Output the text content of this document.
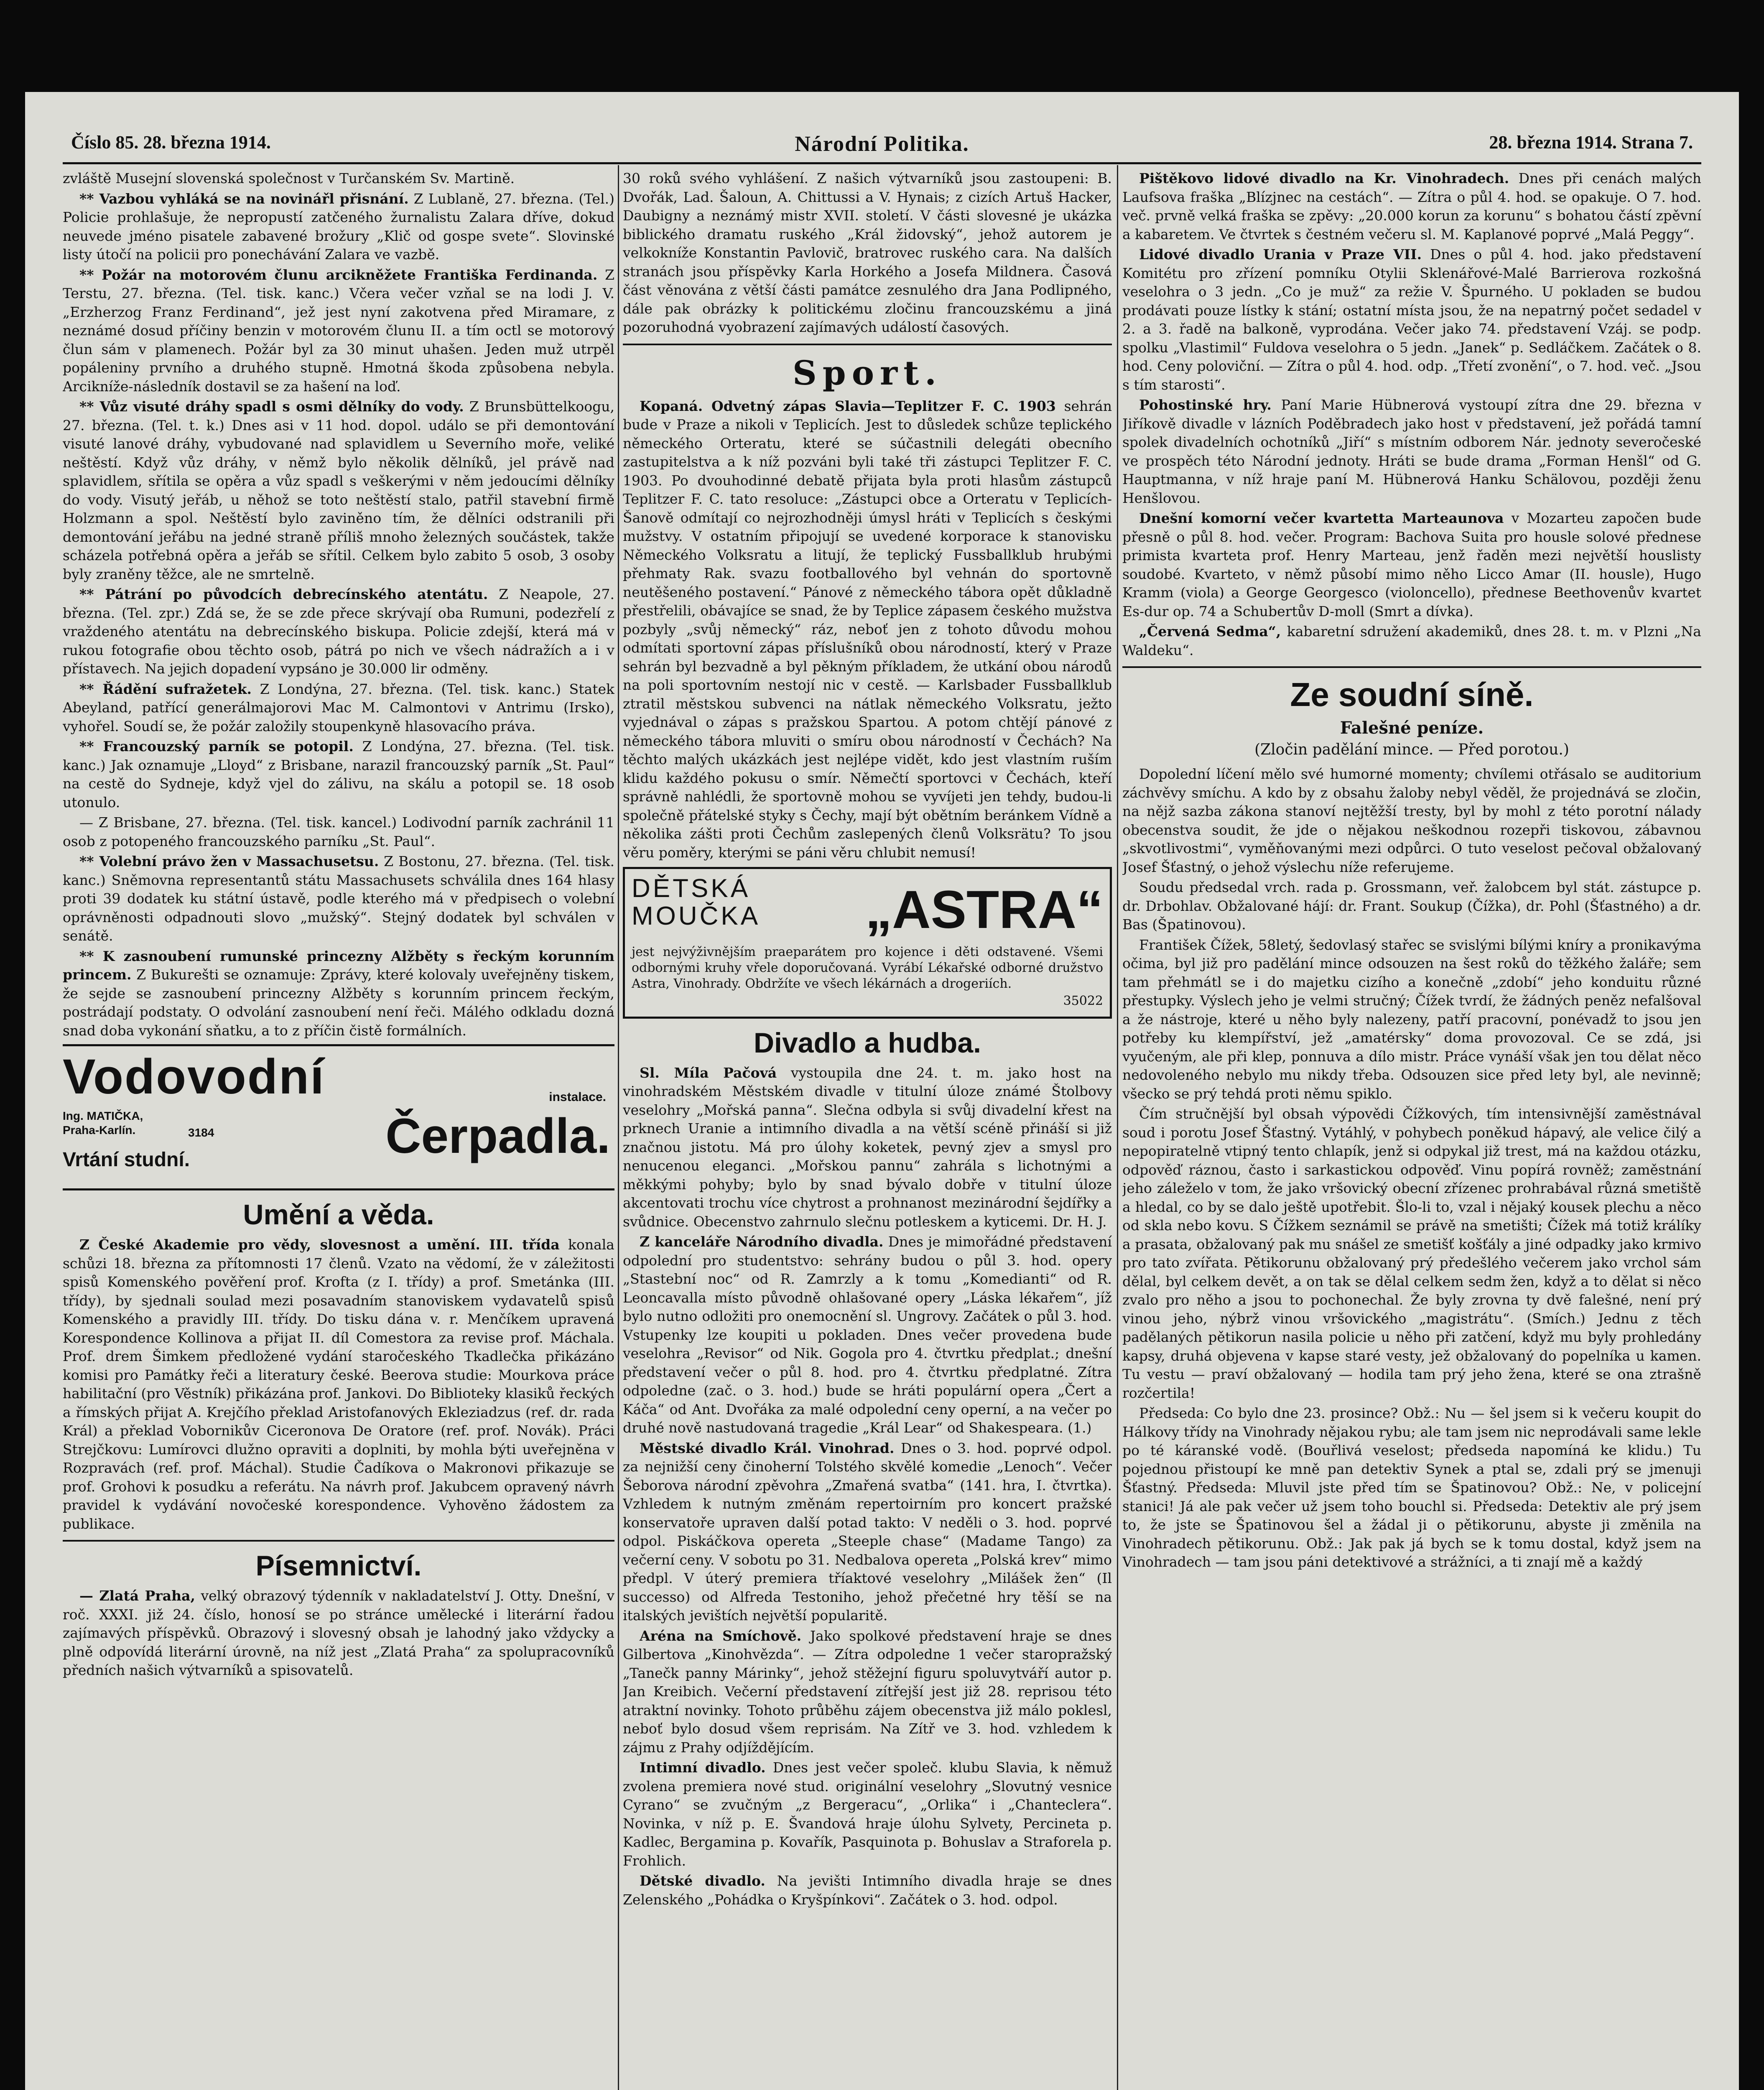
Číslo 85. 28. března 1914.	Národní Politika.	28. března 1914. Strana 7.

zvláště Musejní slovenská společnost v Turčanském Sv. Martině.

** Vazbou vyhláká se na novinářl přisnání. Z Lublaně, 27. března. (Tel.) Policie prohlašuje, že nepropustí zatčeného žurnalistu Zalara dříve, dokud neuvede jméno pisatele zabavené brožury „Klič od gospe svete“. Slovinské listy útočí na policii pro ponechávání Zalara ve vazbě.

** Požár na motorovém člunu arcikněžete Františka Ferdinanda. Z Terstu, 27. března. (Tel. tisk. kanc.) Včera večer vzňal se na lodi J. V. „Erzherzog Franz Ferdinand“, jež jest nyní zakotvena před Miramare, z neznámé dosud příčiny benzin v motorovém člunu II. a tím octl se motorový člun sám v plamenech. Požár byl za 30 minut uhašen. Jeden muž utrpěl popáleniny prvního a druhého stupně. Hmotná škoda způsobena nebyla. Arcikníže-následník dostavil se za hašení na loď.

** Vůz visuté dráhy spadl s osmi dělníky do vody. Z Brunsbüttelkoogu, 27. března. (Tel. t. k.) Dnes asi v 11 hod. dopol. událo se při demontování visuté lanové dráhy, vybudované nad splavidlem u Severního moře, veliké neštěstí. Když vůz dráhy, v němž bylo několik dělníků, jel právě nad splavidlem, sřítila se opěra a vůz spadl s veškerými v něm jedoucími dělníky do vody. Visutý jeřáb, u něhož se toto neštěstí stalo, patřil stavební firmě Holzmann a spol. Neštěstí bylo zaviněno tím, že dělníci odstranili při demontování jeřábu na jedné straně příliš mnoho železných součástek, takže scházela potřebná opěra a jeřáb se sřítil. Celkem bylo zabito 5 osob, 3 osoby byly zraněny těžce, ale ne smrtelně.

** Pátrání po původcích debrecínského atentátu. Z Neapole, 27. března. (Tel. zpr.) Zdá se, že se zde přece skrývají oba Rumuni, podezřelí z vraždeného atentátu na debrecínského biskupa. Policie zdejší, která má v rukou fotografie obou těchto osob, pátrá po nich ve všech nádražích a i v přístavech. Na jejich dopadení vypsáno je 30.000 lir odměny.

** Řádění sufražetek. Z Londýna, 27. března. (Tel. tisk. kanc.) Statek Abeyland, patřící generálmajorovi Mac M. Calmontovi v Antrimu (Irsko), vyhořel. Soudí se, že požár založily stoupenkyně hlasovacího práva.

** Francouzský parník se potopil. Z Londýna, 27. března. (Tel. tisk. kanc.) Jak oznamuje „Lloyd“ z Brisbane, narazil francouzský parník „St. Paul“ na cestě do Sydneje, když vjel do zálivu, na skálu a potopil se. 18 osob utonulo.

— Z Brisbane, 27. března. (Tel. tisk. kancel.) Lodivodní parník zachránil 11 osob z potopeného francouzského parníku „St. Paul“.

** Volební právo žen v Massachusetsu. Z Bostonu, 27. března. (Tel. tisk. kanc.) Sněmovna representantů státu Massachusets schválila dnes 164 hlasy proti 39 dodatek ku státní ústavě, podle kterého má v předpisech o volební oprávněnosti odpadnouti slovo „mužský“. Stejný dodatek byl schválen v senátě.

** K zasnoubení rumunské princezny Alžběty s řeckým korunním princem. Z Bukurešti se oznamuje: Zprávy, které kolovaly uveřejněny tiskem, že sejde se zasnoubení princezny Alžběty s korunním princem řeckým, postrádají podstaty. O odvolání zasnoubení není řeči. Málého odkladu dozná snad doba vykonání sňatku, a to z příčin čistě formálních.

Vodovodní	instalace.
Ing. MATIČKA,
Praha-Karlín.	3184	Čerpadla.
Vrtání studní.
Umění a věda.

Z České Akademie pro vědy, slovesnost a umění. III. třída konala schůzi 18. března za přítomnosti 17 členů. Vzato na vědomí, že v záležitosti spisů Komenského pověření prof. Krofta (z I. třídy) a prof. Smetánka (III. třídy), by sjednali soulad mezi posavadním stanoviskem vydavatelů spisů Komenského a pravidly III. třídy. Do tisku dána v. r. Menčíkem upravená Korespondence Kollinova a přijat II. díl Comestora za revise prof. Máchala. Prof. drem Šimkem předložené vydání staročeského Tkadlečka přikázáno komisi pro Památky řeči a literatury české. Beerova studie: Mourkova práce habilitační (pro Věstník) přikázána prof. Jankovi. Do Biblioteky klasiků řeckých a římských přijat A. Krejčího překlad Aristofanových Ekleziadzus (ref. dr. rada Král) a překlad Vobornikův Ciceronova De Oratore (ref. prof. Novák). Práci Strejčkovu: Lumírovci dlužno opraviti a doplniti, by mohla býti uveřejněna v Rozpravách (ref. prof. Máchal). Studie Čadíkova o Makronovi přikazuje se prof. Grohovi k posudku a referátu. Na návrh prof. Jakubcem opravený návrh pravidel k vydávání novočeské korespondence. Vyhověno žádostem za publikace.

Písemnictví.

— Zlatá Praha, velký obrazový týdenník v nakladatelství J. Otty. Dnešní, v roč. XXXI. již 24. číslo, honosí se po stránce umělecké i literární řadou zajímavých příspěvků. Obrazový i slovesný obsah je lahodný jako vždycky a plně odpovídá literární úrovně, na níž jest „Zlatá Praha“ za spolupracovníků předních našich výtvarníků a spisovatelů.

30 roků svého vyhlášení. Z našich výtvarníků jsou zastoupeni: B. Dvořák, Lad. Šaloun, A. Chittussi a V. Hynais; z cizích Artuš Hacker, Daubigny a neznámý mistr XVII. století. V části slovesné je ukázka biblického dramatu ruského „Král židovský“, jehož autorem je velkokníže Konstantin Pavlovič, bratrovec ruského cara. Na dalších stranách jsou příspěvky Karla Horkého a Josefa Mildnera. Časová část věnována z větší části památce zesnulého dra Jana Podlipného, dále pak obrázky k politickému zločinu francouzskému a jiná pozoruhodná vyobrazení zajímavých událostí časových.

Sport.

Kopaná. Odvetný zápas Slavia—Teplitzer F. C. 1903 sehrán bude v Praze a nikoli v Teplicích. Jest to důsledek schůze teplického německého Orteratu, které se súčastnili delegáti obecního zastupitelstva a k níž pozváni byli také tři zástupci Teplitzer F. C. 1903. Po dvouhodinné debatě přijata byla proti hlasům zástupců Teplitzer F. C. tato resoluce: „Zástupci obce a Orteratu v Teplicích-Šanově odmítají co nejrozhodněji úmysl hráti v Teplicích s českými mužstvy. V ostatním připojují se uvedené korporace k stanovisku Německého Volksratu a litují, že teplický Fussballklub hrubými přehmaty Rak. svazu footballového byl vehnán do sportovně neutěšeného postavení.“ Pánové z německého tábora opět důkladně přestřelili, obávajíce se snad, že by Teplice zápasem českého mužstva pozbyly „svůj německý“ ráz, neboť jen z tohoto důvodu mohou odmítati sportovní zápas příslušníků obou národností, který v Praze sehrán byl bezvadně a byl pěkným příkladem, že utkání obou národů na poli sportovním nestojí nic v cestě. — Karlsbader Fussballklub ztratil městskou subvenci na nátlak německého Volksratu, ježto vyjednával o zápas s pražskou Spartou. A potom chtějí pánové z německého tábora mluviti o smíru obou národností v Čechách? Na těchto malých ukázkách jest nejlépe vidět, kdo jest vlastním ruším klidu každého pokusu o smír. Němečtí sportovci v Čechách, kteří správně nahlédli, že sportovně mohou se vyvíjeti jen tehdy, budou-li společně přátelské styky s Čechy, mají být obětním beránkem Vídně a několika zášti proti Čechům zaslepených členů Volksrätu? To jsou věru poměry, kterými se páni věru chlubit nemusí!

DĚTSKÁ
MOUČKA „ASTRA“
jest nejvýživnějším praeparátem pro kojence i děti odstavené. Všemi odbornými kruhy vřele doporučovaná. Vyrábí Lékařské odborné družstvo Astra, Vinohrady. Obdržíte ve všech lékárnách a drogeriích.
35022
Divadlo a hudba.

Sl. Míla Pačová vystoupila dne 24. t. m. jako host na vinohradském Městském divadle v titulní úloze známé Štolbovy veselohry „Mořská panna“. Slečna odbyla si svůj divadelní křest na prknech Uranie a intimního divadla a na větší scéně přináší si již značnou jistotu. Má pro úlohy koketek, pevný zjev a smysl pro nenucenou eleganci. „Mořskou pannu“ zahrála s lichotnými a měkkými pohyby; bylo by snad bývalo dobře v titulní úloze akcentovati trochu více chytrost a prohnanost mezinárodní šejdířky a svůdnice. Obecenstvo zahrnulo slečnu potleskem a kyticemi. Dr. H. J.

Z kanceláře Národního divadla. Dnes je mimořádné představení odpolední pro studentstvo: sehrány budou o půl 3. hod. opery „Stastební noc“ od R. Zamrzly a k tomu „Komedianti“ od R. Leoncavalla místo původně ohlašované opery „Láska lékařem“, jíž bylo nutno odložiti pro onemocnění sl. Ungrovy. Začátek o půl 3. hod. Vstupenky lze koupiti u pokladen. Dnes večer provedena bude veselohra „Revisor“ od Nik. Gogola pro 4. čtvrtku předplat.; dnešní představení večer o půl 8. hod. pro 4. čtvrtku předplatné. Zítra odpoledne (zač. o 3. hod.) bude se hráti populární opera „Čert a Káča“ od Ant. Dvořáka za malé odpolední ceny operní, a na večer po druhé nově nastudovaná tragedie „Král Lear“ od Shakespeara. (1.)

Městské divadlo Král. Vinohrad. Dnes o 3. hod. poprvé odpol. za nejnižší ceny činoherní Tolstého skvělé komedie „Lenoch“. Večer Šeborova národní zpěvohra „Zmařená svatba“ (141. hra, I. čtvrtka). Vzhledem k nutným změnám repertoirním pro koncert pražské konservatoře upraven další potad takto: V neděli o 3. hod. poprvé odpol. Piskáčkova opereta „Steeple chase“ (Madame Tango) za večerní ceny. V sobotu po 31. Nedbalova opereta „Polská krev“ mimo předpl. V úterý premiera tříaktové veselohry „Milášek žen“ (Il successo) od Alfreda Testoniho, jehož přečetné hry těší se na italských jevištích největší popularitě.

Aréna na Smíchově. Jako spolkové představení hraje se dnes Gilbertova „Kinohvězda“. — Zítra odpoledne 1 večer staropražský „Tanečk panny Márinky“, jehož stěžejní figuru spoluvytváří autor p. Jan Kreibich. Večerní představení zítřejší jest již 28. reprisou této atraktní novinky. Tohoto průběhu zájem obecenstva již málo poklesl, neboť bylo dosud všem reprisám. Na Zítř ve 3. hod. vzhledem k zájmu z Prahy odjíždějícím.

Intimní divadlo. Dnes jest večer společ. klubu Slavia, k němuž zvolena premiera nové stud. originální veselohry „Slovutný vesnice Cyrano“ se zvučným „z Bergeracu“, „Orlika“ i „Chanteclera“. Novinka, v níž p. E. Švandová hraje úlohu Sylvety, Percineta p. Kadlec, Bergamina p. Kovařík, Pasquinota p. Bohuslav a Straforela p. Frohlich.

Dětské divadlo. Na jevišti Intimního divadla hraje se dnes Zelenského „Pohádka o Kryšpínkovi“. Začátek o 3. hod. odpol.

Pištěkovo lidové divadlo na Kr. Vinohradech. Dnes při cenách malých Laufsova fraška „Blízjnec na cestách“. — Zítra o půl 4. hod. se opakuje. O 7. hod. več. prvně velká fraška se zpěvy: „20.000 korun za korunu“ s bohatou částí zpěvní a kabaretem. Ve čtvrtek s čestném večeru sl. M. Kaplanové poprvé „Malá Peggy“.

Lidové divadlo Urania v Praze VII. Dnes o půl 4. hod. jako představení Komitétu pro zřízení pomníku Otylii Sklenářové-Malé Barrierova rozkošná veselohra o 3 jedn. „Co je muž“ za režie V. Špurného. U pokladen se budou prodávati pouze lístky k stání; ostatní místa jsou, že na nepatrný počet sedadel v 2. a 3. řadě na balkoně, vyprodána. Večer jako 74. představení Vzáj. se podp. spolku „Vlastimil“ Fuldova veselohra o 5 jedn. „Janek“ p. Sedláčkem. Začátek o 8. hod. Ceny poloviční. — Zítra o půl 4. hod. odp. „Třetí zvonění“, o 7. hod. več. „Jsou s tím starosti“.

Pohostinské hry. Paní Marie Hübnerová vystoupí zítra dne 29. března v Jiříkově divadle v lázních Poděbradech jako host v představení, jež pořádá tamní spolek divadelních ochotníků „Jiří“ s místním odborem Nár. jednoty severočeské ve prospěch této Národní jednoty. Hráti se bude drama „Forman Henšl“ od G. Hauptmanna, v níž hraje paní M. Hübnerová Hanku Schälovou, později ženu Henšlovou.

Dnešní komorní večer kvartetta Marteaunova v Mozarteu započen bude přesně o půl 8. hod. večer. Program: Bachova Suita pro housle solové přednese primista kvarteta prof. Henry Marteau, jenž řaděn mezi největší houslisty soudobé. Kvarteto, v němž působí mimo něho Licco Amar (II. housle), Hugo Kramm (viola) a George Georgesco (violoncello), přednese Beethovenův kvartet Es-dur op. 74 a Schubertův D-moll (Smrt a dívka).

„Červená Sedma“, kabaretní sdružení akademiků, dnes 28. t. m. v Plzni „Na Waldeku“.

Ze soudní síně.
Falešné peníze.
(Zločin padělání mince. — Před porotou.)

Dopolední líčení mělo své humorné momenty; chvílemi otřásalo se auditorium záchvěvy smíchu. A kdo by z obsahu žaloby nebyl věděl, že projednává se zločin, na nějž sazba zákona stanoví nejtěžší tresty, byl by mohl z této porotní nálady obecenstva soudit, že jde o nějakou neškodnou rozepři tiskovou, zábavnou „skvotlivostmi“, vyměňovanými mezi odpůrci. O tuto veselost pečoval obžalovaný Josef Šťastný, o jehož výslechu níže referujeme.

Soudu předsedal vrch. rada p. Grossmann, veř. žalobcem byl stát. zástupce p. dr. Drbohlav. Obžalované hájí: dr. Frant. Soukup (Čížka), dr. Pohl (Šťastného) a dr. Bas (Špatinovou).

František Čížek, 58letý, šedovlasý stařec se svislými bílými kníry a pronikavýma očima, byl již pro padělání mince odsouzen na šest roků do těžkého žaláře; sem tam přehmátl se i do majetku cizího a konečně „zdobí“ jeho konduitu různé přestupky. Výslech jeho je velmi stručný; Čížek tvrdí, že žádných peněz nefalšoval a že nástroje, které u něho byly nalezeny, patří pracovní, ponévadž to jsou jen potřeby ku klempířství, jež „amatérsky“ doma provozoval. Ce se zdá, jsi vyučeným, ale při klep, ponnuva a dílo mistr. Práce vynáší však jen tou dělat něco nedovoleného nebylo mu nikdy třeba. Odsouzen sice před lety byl, ale nevinně; všecko se prý tehdá proti němu spiklo.

Čím stručnější byl obsah výpovědi Čížkových, tím intensivnější zaměstnával soud i porotu Josef Šťastný. Vytáhlý, v pohybech poněkud hápavý, ale velice čilý a nepopiratelně vtipný tento chlapík, jenž si odpykal již trest, má na každou otázku, odpověď ráznou, často i sarkastickou odpověď. Vinu popírá rovněž; zaměstnání jeho záleželo v tom, že jako vršovický obecní zřízenec prohrabával různá smetiště a hledal, co by se dalo ještě upotřebit. Šlo-li to, vzal i nějaký kousek plechu a něco od skla nebo kovu. S Čížkem seznámil se právě na smetišti; Čížek má totiž králíky a prasata, obžalovaný pak mu snášel ze smetišť košťály a jiné odpadky jako krmivo pro tato zvířata. Pětikorunu obžalovaný prý předešlého večerem jako vrchol sám dělal, byl celkem devět, a on tak se dělal celkem sedm žen, když a to dělat si něco zvalo pro něho a jsou to pochonechal. Že byly zrovna ty dvě falešné, není prý vinou jeho, nýbrž vinou vršovického „magistrátu“. (Smích.) Jednu z těch padělaných pětikorun nasila policie u něho při zatčení, když mu byly prohledány kapsy, druhá objevena v kapse staré vesty, jež obžalovaný do popelníka u kamen. Tu vestu — praví obžalovaný — hodila tam prý jeho žena, které se ona ztrašně rozčertila!

Předseda: Co bylo dne 23. prosince? Obž.: Nu — šel jsem si k večeru koupit do Hálkovy třídy na Vinohrady nějakou rybu; ale tam jsem nic neprodávali same lekle po té káranské vodě. (Bouřlivá veselost; předseda napomíná ke klidu.) Tu pojednou přistoupí ke mně pan detektiv Synek a ptal se, zdali prý se jmenuji Šťastný. Předseda: Mluvil jste před tím se Špatinovou? Obž.: Ne, v policejní stanici! Já ale pak večer už jsem toho bouchl si. Předseda: Detektiv ale prý jsem to, že jste se Špatinovou šel a žádal ji o pětikorunu, abyste ji změnila na Vinohradech pětikorunu. Obž.: Jak pak já bych se k tomu dostal, když jsem na Vinohradech — tam jsou páni detektivové a strážníci, a ti znají mě a každý
